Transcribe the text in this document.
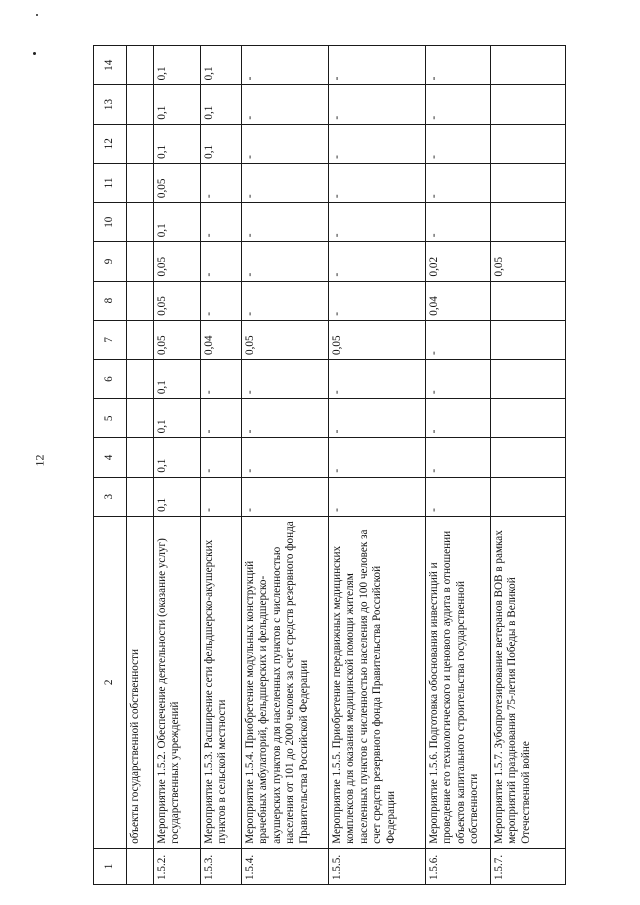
12
1	2	3	4	5	6	7	8	9	10	11	12	13	14
	объекты государственной собственности												
1.5.2.	Мероприятие 1.5.2. Обеспечение деятельности (оказание услуг) государственных учреждений	0,1	0,1	0,1	0,1	0,05	0,05	0,05	0,1	0,05	0,1	0,1	0,1
1.5.3.	Мероприятие 1.5.3. Расширение сети фельдшерско-акушерских пунктов в сельской местности	-	-	-	-	0,04	-	-	-	-	0,1	0,1	0,1
1.5.4.	Мероприятие 1.5.4. Приобретение модульных конструкций врачебных амбулаторий, фельдшерских и фельдшерско-акушерских пунктов для населенных пунктов с численностью населения от 101 до 2000 человек за счет средств резервного фонда Правительства Российской Федерации	-	-	-	-	0,05	-	-	-	-	-	-	-
1.5.5.	Мероприятие 1.5.5. Приобретение передвижных медицинских комплексов для оказания медицинской помощи жителям населенных пунктов с численностью населения до 100 человек за счет средств резервного фонда Правительства Российской Федерации	-	-	-	-	0,05	-	-	-	-	-	-	-
1.5.6.	Мероприятие 1.5.6. Подготовка обоснования инвестиций и проведение его технологического и ценового аудита в отношении объектов капитального строительства государственной собственности	-	-	-	-	-	0,04	0,02	-	-	-	-	-
1.5.7.	Мероприятие 1.5.7. Зубопротезирование ветеранов ВОВ в рамках мероприятий празднования 75-летия Победы в Великой Отечественной войне							0,05					
